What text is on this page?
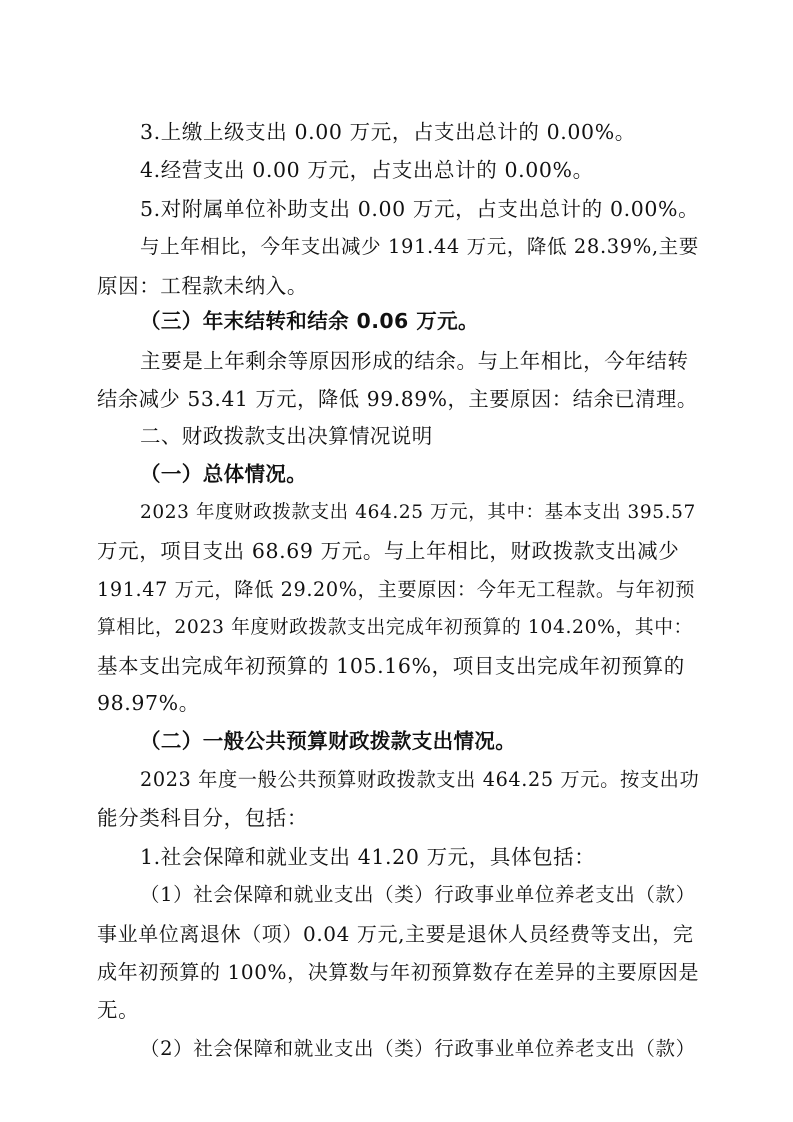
3.上缴上级支出 0.00 万元，占支出总计的 0.00%。
4.经营支出 0.00 万元，占支出总计的 0.00%。
5.对附属单位补助支出 0.00 万元，占支出总计的 0.00%。
与上年相比，今年支出减少 191.44 万元，降低 28.39%,主要
原因：工程款未纳入。
（三）年末结转和结余 0.06 万元。
主要是上年剩余等原因形成的结余。与上年相比，今年结转
结余减少 53.41 万元，降低 99.89%，主要原因：结余已清理。
二、财政拨款支出决算情况说明
（一）总体情况。
2023 年度财政拨款支出 464.25 万元，其中：基本支出 395.57
万元，项目支出 68.69 万元。与上年相比，财政拨款支出减少
191.47 万元，降低 29.20%，主要原因：今年无工程款。与年初预
算相比，2023 年度财政拨款支出完成年初预算的 104.20%，其中：
基本支出完成年初预算的 105.16%，项目支出完成年初预算的
98.97%。
（二）一般公共预算财政拨款支出情况。
2023 年度一般公共预算财政拨款支出 464.25 万元。按支出功
能分类科目分，包括：
1.社会保障和就业支出 41.20 万元，具体包括：
（1）社会保障和就业支出（类）行政事业单位养老支出（款）
事业单位离退休（项）0.04 万元,主要是退休人员经费等支出，完
成年初预算的 100%，决算数与年初预算数存在差异的主要原因是
无。
（2）社会保障和就业支出（类）行政事业单位养老支出（款）
